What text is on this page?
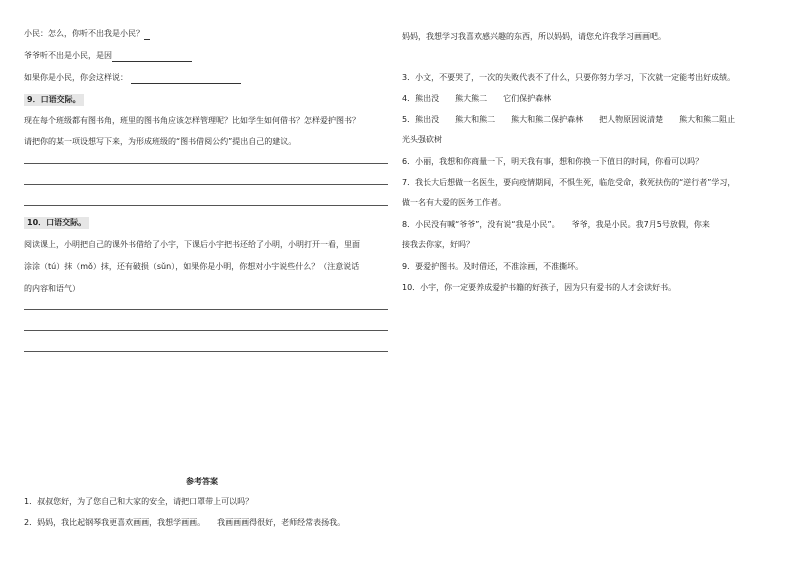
小民：怎么，你听不出我是小民？
爷爷听不出是小民，是因
如果你是小民，你会这样说：
9．口语交际。
现在每个班级都有图书角，班里的图书角应该怎样管理呢？比如学生如何借书？怎样爱护图书？
请把你的某一项设想写下来，为形成班级的“图书借阅公约”提出自己的建议。
10．口语交际。
阅读课上，小明把自己的课外书借给了小宇，下课后小宇把书还给了小明，小明打开一看，里面
涂涂（tú）抹（mǒ）抹，还有破损（sǔn），如果你是小明，你想对小宇说些什么？（注意说话
的内容和语气）
参考答案
1．叔叔您好，为了您自己和大家的安全，请把口罩带上可以吗？
2．妈妈，我比起钢琴我更喜欢画画，我想学画画。　　我画画画得很好，老师经常表扬我。
妈妈，我想学习我喜欢感兴趣的东西，所以妈妈，请您允许我学习画画吧。
3．小文，不要哭了，一次的失败代表不了什么，只要你努力学习，下次就一定能考出好成绩。
4．熊出没　　熊大熊二　　它们保护森林
5．熊出没　　熊大和熊二　　熊大和熊二保护森林　　把人物原因说清楚　　熊大和熊二阻止
光头强砍树
6．小丽，我想和你商量一下，明天我有事，想和你换一下值日的时间，你看可以吗？
7．我长大后想做一名医生，要向疫情期间，不惧生死，临危受命，救死扶伤的“逆行者”学习，
做一名有大爱的医务工作者。
8．小民没有喊“爷爷”，没有说“我是小民”。　　爷爷，我是小民。我7月5号放假，你来
接我去你家，好吗？
9．要爱护图书。及时借还，不准涂画，不准撕坏。
10．小宇，你一定要养成爱护书籍的好孩子，因为只有爱书的人才会读好书。
